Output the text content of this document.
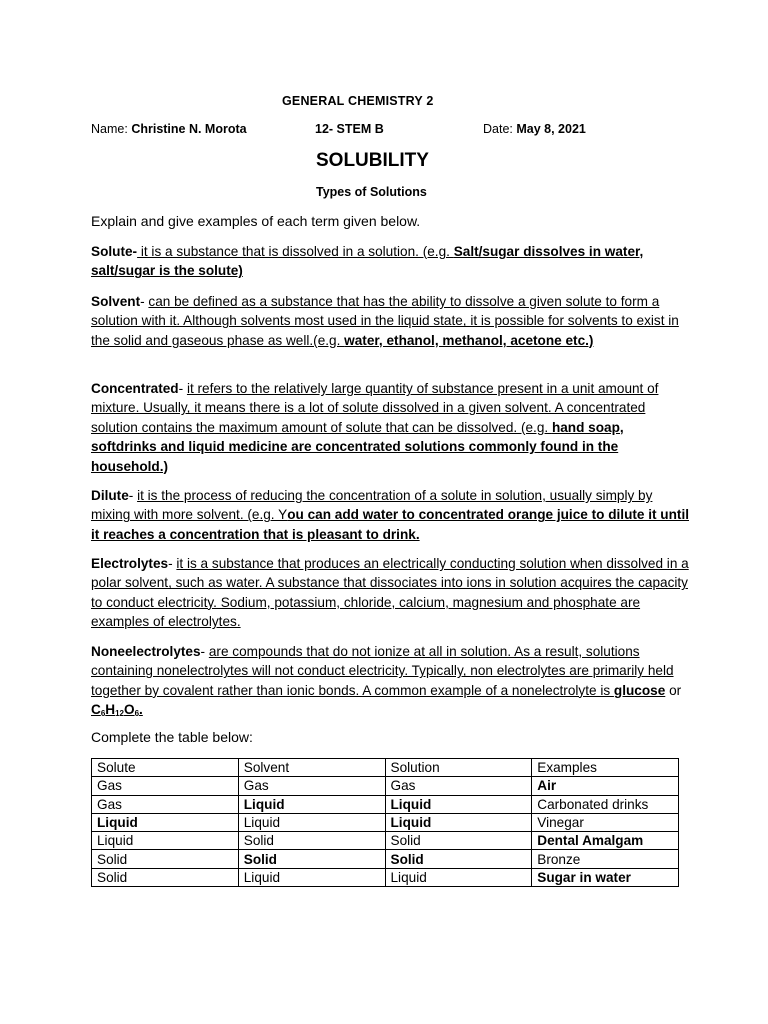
GENERAL CHEMISTRY 2
Name: Christine N. Morota	12- STEM B	Date: May 8, 2021
SOLUBILITY
Types of Solutions
Explain and give examples of each term given below.
Solute- it is a substance that is dissolved in a solution. (e.g. Salt/sugar dissolves in water, salt/sugar is the solute)
Solvent- can be defined as a substance that has the ability to dissolve a given solute to form a solution with it. Although solvents most used in the liquid state, it is possible for solvents to exist in the solid and gaseous phase as well.(e.g. water, ethanol, methanol, acetone etc.)
Concentrated- it refers to the relatively large quantity of substance present in a unit amount of mixture. Usually, it means there is a lot of solute dissolved in a given solvent. A concentrated solution contains the maximum amount of solute that can be dissolved. (e.g. hand soap, softdrinks and liquid medicine are concentrated solutions commonly found in the household.)
Dilute- it is the process of reducing the concentration of a solute in solution, usually simply by mixing with more solvent. (e.g. You can add water to concentrated orange juice to dilute it until it reaches a concentration that is pleasant to drink.
Electrolytes- it is a substance that produces an electrically conducting solution when dissolved in a polar solvent, such as water. A substance that dissociates into ions in solution acquires the capacity to conduct electricity. Sodium, potassium, chloride, calcium, magnesium and phosphate are examples of electrolytes.
Noneelectrolytes- are compounds that do not ionize at all in solution. As a result, solutions containing nonelectrolytes will not conduct electricity. Typically, non electrolytes are primarily held together by covalent rather than ionic bonds. A common example of a nonelectrolyte is glucose or $C_6H_{12}O_6$.
Complete the table below:
Solute	Solvent	Solution	Examples
Gas	Gas	Gas	Air
Gas	Liquid	Liquid	Carbonated drinks
Liquid	Liquid	Liquid	Vinegar
Liquid	Solid	Solid	Dental Amalgam
Solid	Solid	Solid	Bronze
Solid	Liquid	Liquid	Sugar in water
